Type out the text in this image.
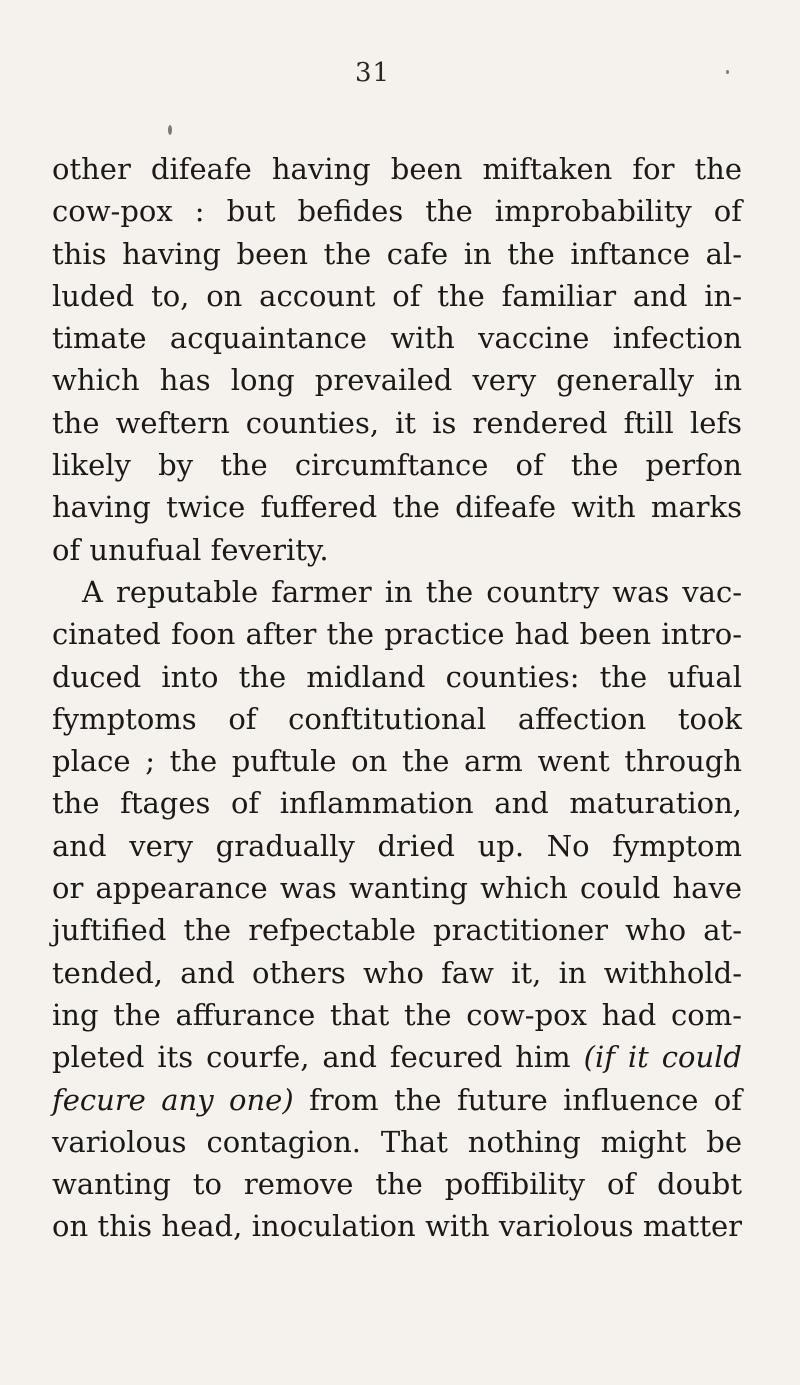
31
other difeafe having been miftaken for the
cow-pox : but befides the improbability of
this having been the cafe in the inftance al-
luded to, on account of the familiar and in-
timate acquaintance with vaccine infection
which has long prevailed very generally in
the weftern counties, it is rendered ftill lefs
likely by the circumftance of the perfon
having twice fuffered the difeafe with marks
of unufual feverity.
A reputable farmer in the country was vac-
cinated foon after the practice had been intro-
duced into the midland counties: the ufual
fymptoms of conftitutional affection took
place ; the puftule on the arm went through
the ftages of inflammation and maturation,
and very gradually dried up. No fymptom
or appearance was wanting which could have
juftified the refpectable practitioner who at-
tended, and others who faw it, in withhold-
ing the affurance that the cow-pox had com-
pleted its courfe, and fecured him (if it could
fecure any one) from the future influence of
variolous contagion. That nothing might be
wanting to remove the poffibility of doubt
on this head, inoculation with variolous matter
